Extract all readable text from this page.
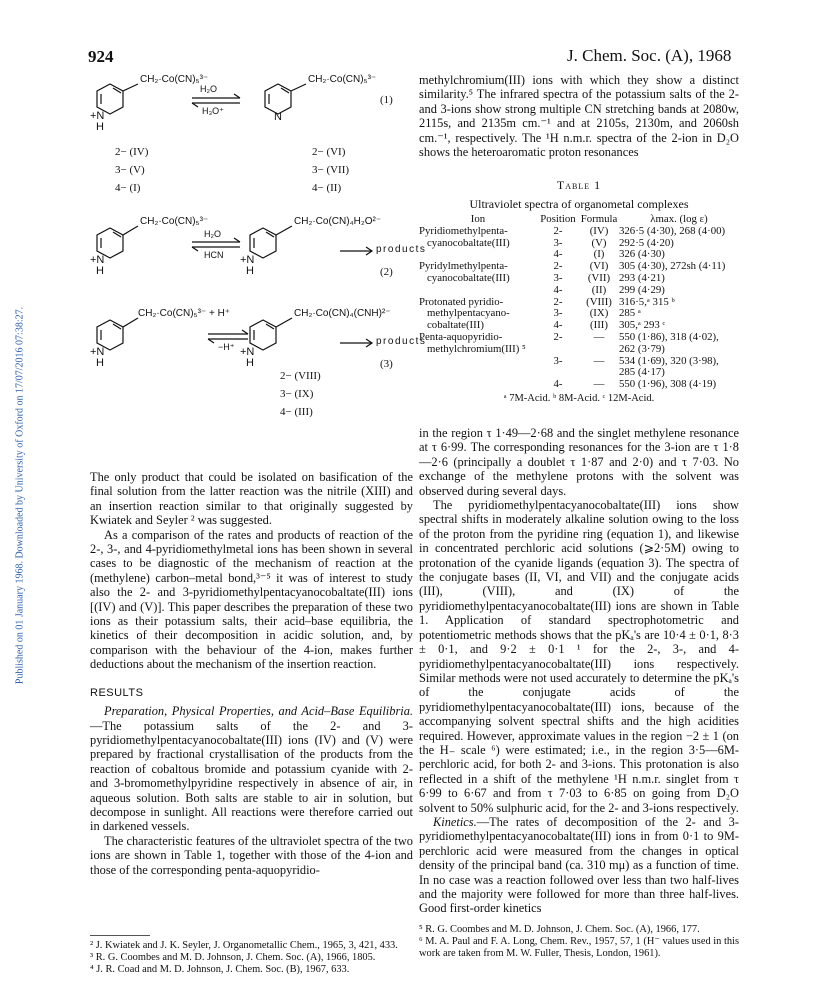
924	J. Chem. Soc. (A), 1968
Published on 01 January 1968. Downloaded by University of Oxford on 17/07/2016 07:38:27.
CH₂·Co(CN)₅³⁻
H₂O
H₃O⁺
CH₂·Co(CN)₅³⁻
(1)
+N
H
N
2− (IV)
3− (V)
4− (I)
2− (VI)
3− (VII)
4− (II)
CH₂·Co(CN)₅³⁻
H₂O
HCN
CH₂·Co(CN)₄H₂O²⁻
products
(2)
+N
H
+N
H
CH₂·Co(CN)₅³⁻ + H⁺
−H⁺
CH₂·Co(CN)₄(CNH)²⁻
products
(3)
+N
H
+N
H
2− (VIII)
3− (IX)
4− (III)

The only product that could be isolated on basification of the final solution from the latter reaction was the nitrile (XIII) and an insertion reaction similar to that originally suggested by Kwiatek and Seyler ² was suggested.

As a comparison of the rates and products of reaction of the 2-, 3-, and 4-pyridiomethylmetal ions has been shown in several cases to be diagnostic of the mechanism of reaction at the (methylene) carbon–metal bond,³⁻⁵ it was of interest to study also the 2- and 3-pyridiomethylpentacyanocobaltate(III) ions [(IV) and (V)]. This paper describes the preparation of these two ions as their potassium salts, their acid–base equilibria, the kinetics of their decomposition in acidic solution, and, by comparison with the behaviour of the 4-ion, makes further deductions about the mechanism of the insertion reaction.

RESULTS

Preparation, Physical Properties, and Acid–Base Equilibria.—The potassium salts of the 2- and 3-pyridiomethylpentacyanocobaltate(III) ions (IV) and (V) were prepared by fractional crystallisation of the products from the reaction of cobaltous bromide and potassium cyanide with 2- and 3-bromomethylpyridine respectively in absence of air, in aqueous solution. Both salts are stable to air in solution, but decompose in sunlight. All reactions were therefore carried out in darkened vessels.

The characteristic features of the ultraviolet spectra of the two ions are shown in Table 1, together with those of the 4-ion and those of the corresponding penta-aquopyridio-

methylchromium(III) ions with which they show a distinct similarity.⁵ The infrared spectra of the potassium salts of the 2- and 3-ions show strong multiple CN stretching bands at 2080w, 2115s, and 2135m cm.⁻¹ and at 2105s, 2130m, and 2060sh cm.⁻¹, respectively. The ¹H n.m.r. spectra of the 2-ion in D₂O shows the heteroaromatic proton resonances

Table 1
Ultraviolet spectra of organometal complexes
Ion	Position	Formula	λmax. (log ε)
Pyridiomethylpenta-	2-	(IV)	326·5 (4·30), 268 (4·00)
cyanocobaltate(III)	3-	(V)	292·5 (4·20)
	4-	(I)	326 (4·30)
Pyridylmethylpenta-	2-	(VI)	305 (4·30), 272sh (4·11)
cyanocobaltate(III)	3-	(VII)	293 (4·21)
	4-	(II)	299 (4·29)
Protonated pyridio-	2-	(VIII)	316·5,ᵃ 315 ᵇ
methylpentacyano-	3-	(IX)	285 ᵃ
cobaltate(III)	4-	(III)	305,ᵃ 293 ᶜ
Penta-aquopyridio-	2-	—	550 (1·86), 318 (4·02),
methylchromium(III) ⁵			262 (3·79)
	3-	—	534 (1·69), 320 (3·98),
			285 (4·17)
	4-	—	550 (1·96), 308 (4·19)
ᵃ 7M-Acid. ᵇ 8M-Acid. ᶜ 12M-Acid.

in the region τ 1·49—2·68 and the singlet methylene resonance at τ 6·99. The corresponding resonances for the 3-ion are τ 1·8—2·6 (principally a doublet τ 1·87 and 2·0) and τ 7·03. No exchange of the methylene protons with the solvent was observed during several days.

The pyridiomethylpentacyanocobaltate(III) ions show spectral shifts in moderately alkaline solution owing to the loss of the proton from the pyridine ring (equation 1), and likewise in concentrated perchloric acid solutions (⩾2·5M) owing to protonation of the cyanide ligands (equation 3). The spectra of the conjugate bases (II, VI, and VII) and the conjugate acids (III), (VIII), and (IX) of the pyridiomethylpentacyanocobaltate(III) ions are shown in Table 1. Application of standard spectrophotometric and potentiometric methods shows that the pKₐ's are 10·4 ± 0·1, 8·3 ± 0·1, and 9·2 ± 0·1 ¹ for the 2-, 3-, and 4-pyridiomethylpentacyanocobaltate(III) ions respectively. Similar methods were not used accurately to determine the pKₐ's of the conjugate acids of the pyridiomethylpentacyanocobaltate(III) ions, because of the accompanying solvent spectral shifts and the high acidities required. However, approximate values in the region −2 ± 1 (on the H₋ scale ⁶) were estimated; i.e., in the region 3·5—6M-perchloric acid, for both 2- and 3-ions. This protonation is also reflected in a shift of the methylene ¹H n.m.r. singlet from τ 6·99 to 6·67 and from τ 7·03 to 6·85 on going from D₂O solvent to 50% sulphuric acid, for the 2- and 3-ions respectively.

Kinetics.—The rates of decomposition of the 2- and 3-pyridiomethylpentacyanocobaltate(III) ions in from 0·1 to 9M-perchloric acid were measured from the changes in optical density of the principal band (ca. 310 mμ) as a function of time. In no case was a reaction followed over less than two half-lives and the majority were followed for more than three half-lives. Good first-order kinetics

² J. Kwiatek and J. K. Seyler, J. Organometallic Chem., 1965, 3, 421, 433.

³ R. G. Coombes and M. D. Johnson, J. Chem. Soc. (A), 1966, 1805.

⁴ J. R. Coad and M. D. Johnson, J. Chem. Soc. (B), 1967, 633.

⁵ R. G. Coombes and M. D. Johnson, J. Chem. Soc. (A), 1966, 177.

⁶ M. A. Paul and F. A. Long, Chem. Rev., 1957, 57, 1 (H⁻ values used in this work are taken from M. W. Fuller, Thesis, London, 1961).
